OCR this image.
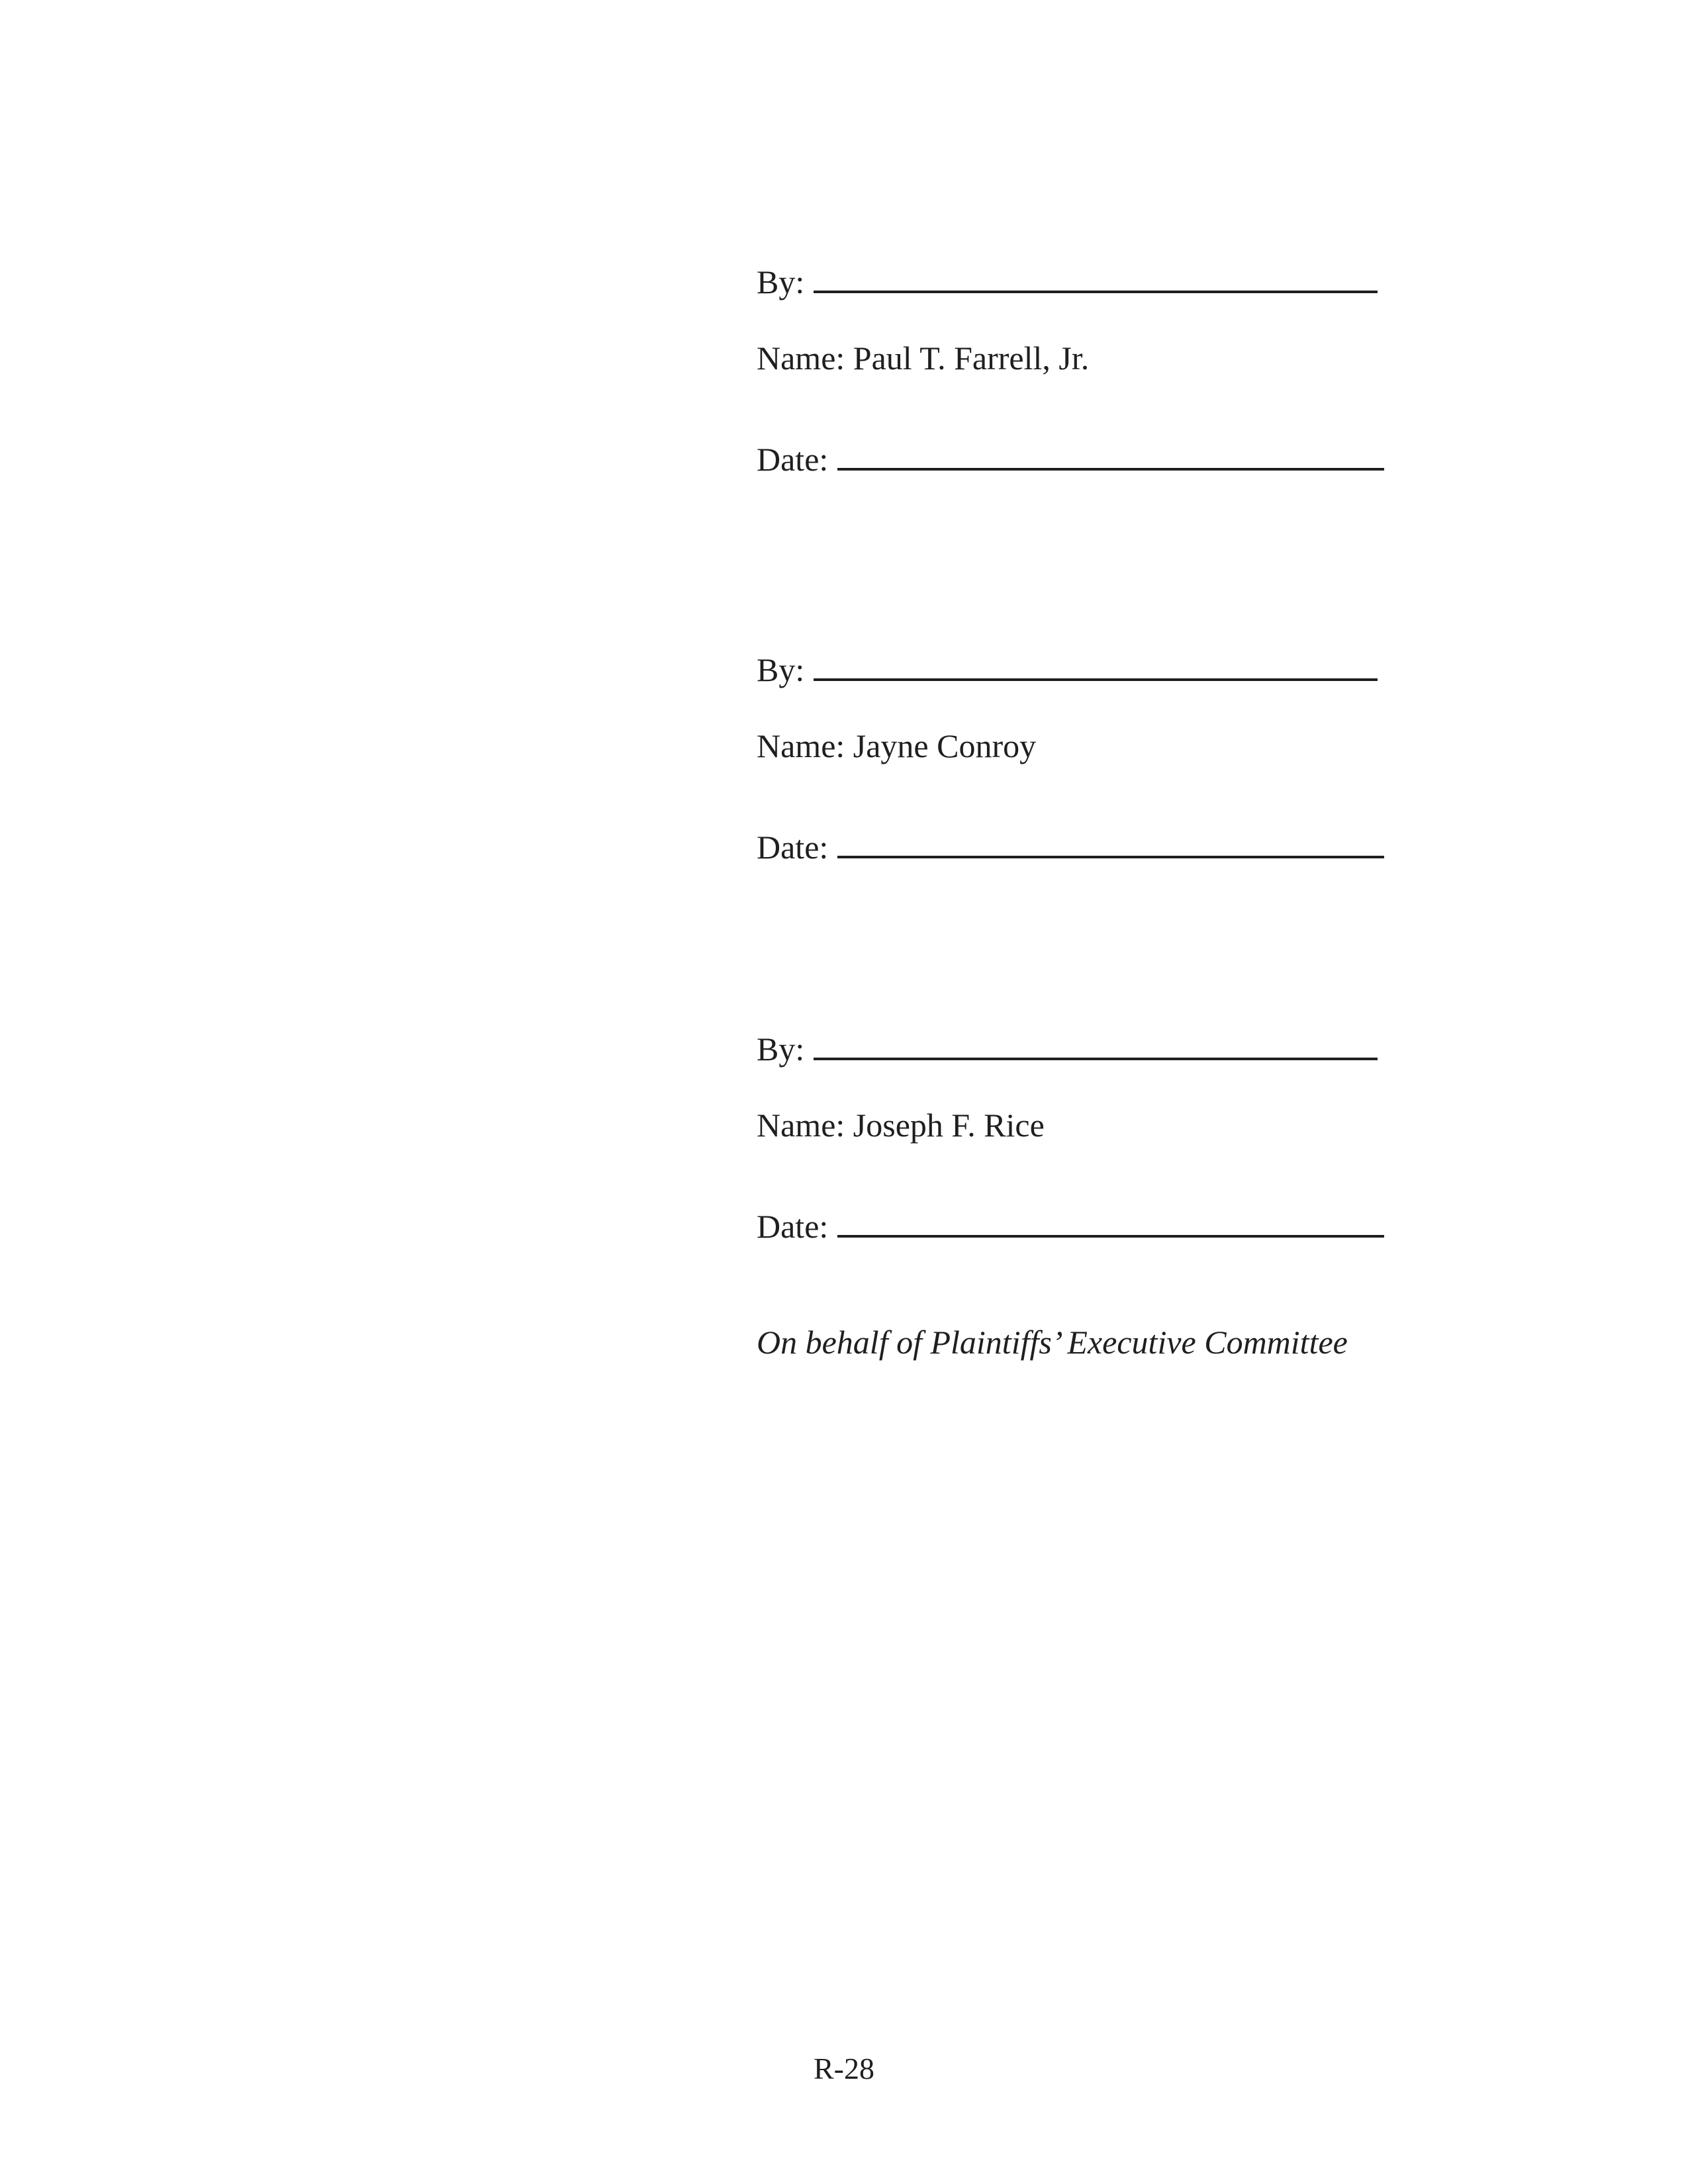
By:
Name: Paul T. Farrell, Jr.
Date:
By:
Name: Jayne Conroy
Date:
By:
Name: Joseph F. Rice
Date:
On behalf of Plaintiffs’ Executive Committee
R-28
